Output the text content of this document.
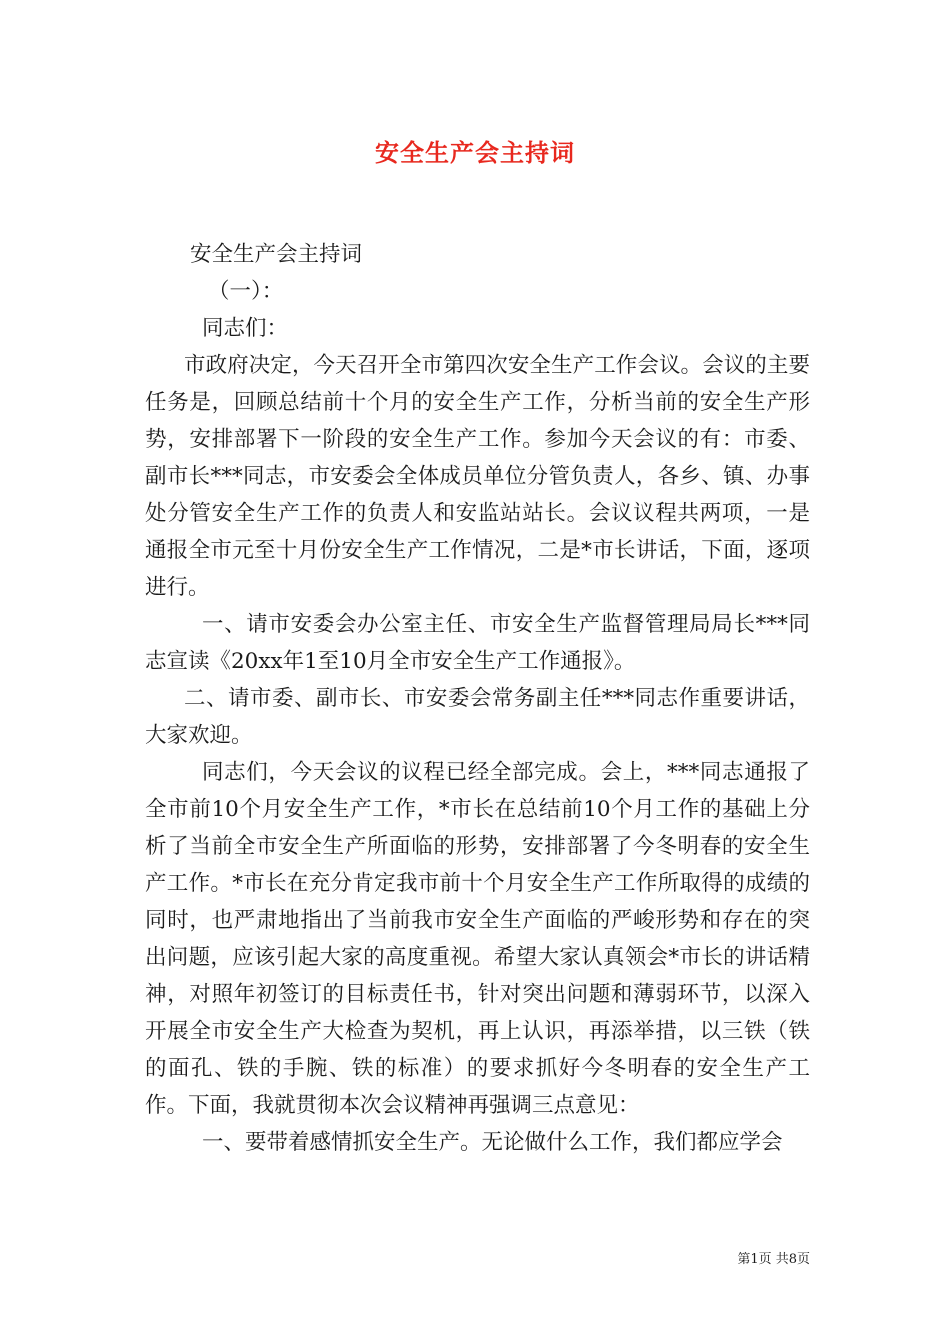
安全生产会主持词

安全生产会主持词

（一）：

同志们：

市政府决定，今天召开全市第四次安全生产工作会议。会议的主要任务是，回顾总结前十个月的安全生产工作，分析当前的安全生产形势，安排部署下一阶段的安全生产工作。参加今天会议的有：市委、副市长***同志，市安委会全体成员单位分管负责人，各乡、镇、办事处分管安全生产工作的负责人和安监站站长。会议议程共两项，一是通报全市元至十月份安全生产工作情况，二是*市长讲话，下面，逐项进行。

一、请市安委会办公室主任、市安全生产监督管理局局长***同志宣读《20xx年1至10月全市安全生产工作通报》。

二、请市委、副市长、市安委会常务副主任***同志作重要讲话，大家欢迎。

同志们，今天会议的议程已经全部完成。会上，***同志通报了全市前10个月安全生产工作，*市长在总结前10个月工作的基础上分析了当前全市安全生产所面临的形势，安排部署了今冬明春的安全生产工作。*市长在充分肯定我市前十个月安全生产工作所取得的成绩的同时，也严肃地指出了当前我市安全生产面临的严峻形势和存在的突出问题，应该引起大家的高度重视。希望大家认真领会*市长的讲话精神，对照年初签订的目标责任书，针对突出问题和薄弱环节，以深入开展全市安全生产大检查为契机，再上认识，再添举措，以三铁（铁的面孔、铁的手腕、铁的标准）的要求抓好今冬明春的安全生产工作。下面，我就贯彻本次会议精神再强调三点意见：

一、要带着感情抓安全生产。无论做什么工作，我们都应学会

第1页 共8页
